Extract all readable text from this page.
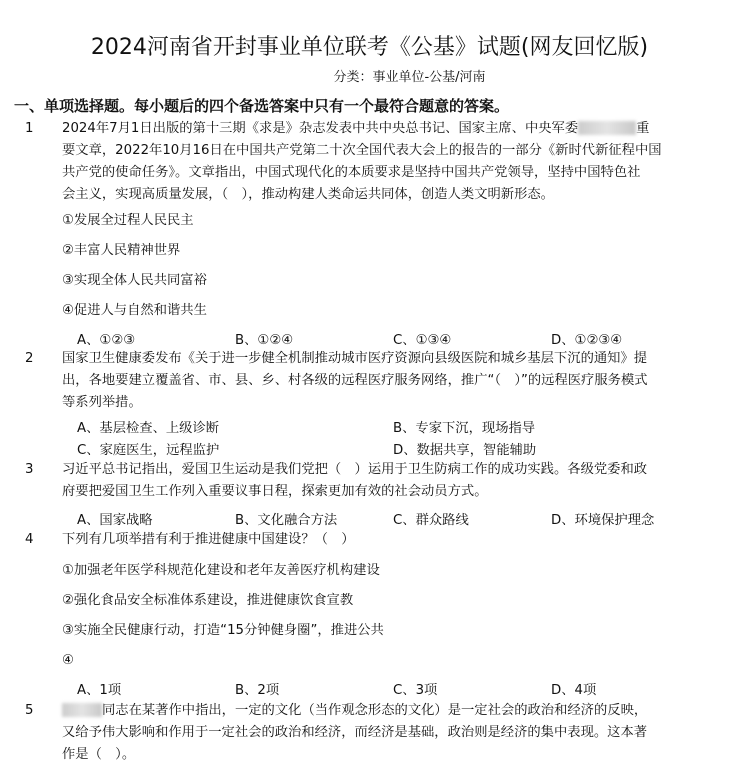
2024河南省开封事业单位联考《公基》试题(网友回忆版)
分类：事业单位-公基/河南
一、单项选择题。每小题后的四个备选答案中只有一个最符合题意的答案。
1 2024年7月1日出版的第十三期《求是》杂志发表中共中央总书记、国家主席、中央军委	重
要文章，2022年10月16日在中国共产党第二十次全国代表大会上的报告的一部分《新时代新征程中国
共产党的使命任务》。文章指出，中国式现代化的本质要求是坚持中国共产党领导，坚持中国特色社
会主义，实现高质量发展，（　），推动构建人类命运共同体，创造人类文明新形态。
①发展全过程人民民主
②丰富人民精神世界
③实现全体人民共同富裕
④促进人与自然和谐共生
A、①②③	B、①②④	C、①③④	D、①②③④
2 国家卫生健康委发布《关于进一步健全机制推动城市医疗资源向县级医院和城乡基层下沉的通知》提
出，各地要建立覆盖省、市、县、乡、村各级的远程医疗服务网络，推广“（　）”的远程医疗服务模式
等系列举措。
A、基层检查、上级诊断	B、专家下沉，现场指导
C、家庭医生，远程监护	D、数据共享，智能辅助
3 习近平总书记指出，爱国卫生运动是我们党把（　）运用于卫生防病工作的成功实践。各级党委和政
府要把爱国卫生工作列入重要议事日程，探索更加有效的社会动员方式。
A、国家战略	B、文化融合方法	C、群众路线	D、环境保护理念
4 下列有几项举措有利于推进健康中国建设？（　）
①加强老年医学科规范化建设和老年友善医疗机构建设
②强化食品安全标准体系建设，推进健康饮食宣教
③实施全民健康行动，打造“15分钟健身圈”，推进公共
④
A、1项	B、2项	C、3项	D、4项
5	同志在某著作中指出，一定的文化（当作观念形态的文化）是一定社会的政治和经济的反映，
又给予伟大影响和作用于一定社会的政治和经济，而经济是基础，政治则是经济的集中表现。这本著
作是（　）。
